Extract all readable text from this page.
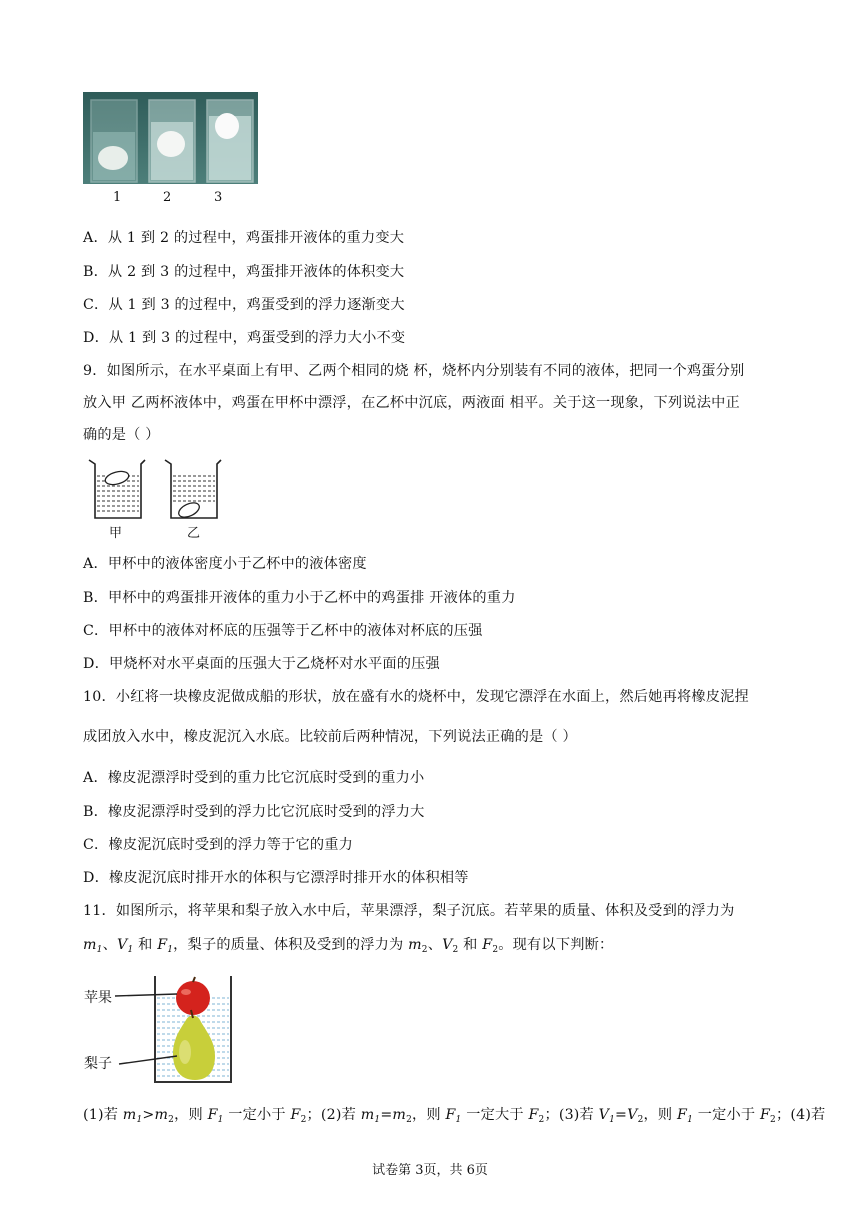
1	2	3
A．从 1 到 2 的过程中，鸡蛋排开液体的重力变大
B．从 2 到 3 的过程中，鸡蛋排开液体的体积变大
C．从 1 到 3 的过程中，鸡蛋受到的浮力逐渐变大
D．从 1 到 3 的过程中，鸡蛋受到的浮力大小不变
9．如图所示，在水平桌面上有甲、乙两个相同的烧 杯，烧杯内分别装有不同的液体，把同一个鸡蛋分别
放入甲 乙两杯液体中，鸡蛋在甲杯中漂浮，在乙杯中沉底，两液面 相平。关于这一现象，下列说法中正
确的是（ ）
甲	乙
A．甲杯中的液体密度小于乙杯中的液体密度
B．甲杯中的鸡蛋排开液体的重力小于乙杯中的鸡蛋排 开液体的重力
C．甲杯中的液体对杯底的压强等于乙杯中的液体对杯底的压强
D．甲烧杯对水平桌面的压强大于乙烧杯对水平面的压强
10．小红将一块橡皮泥做成船的形状，放在盛有水的烧杯中，发现它漂浮在水面上，然后她再将橡皮泥捏
成团放入水中，橡皮泥沉入水底。比较前后两种情况，下列说法正确的是（ ）
A．橡皮泥漂浮时受到的重力比它沉底时受到的重力小
B．橡皮泥漂浮时受到的浮力比它沉底时受到的浮力大
C．橡皮泥沉底时受到的浮力等于它的重力
D．橡皮泥沉底时排开水的体积与它漂浮时排开水的体积相等
11．如图所示，将苹果和梨子放入水中后，苹果漂浮，梨子沉底。若苹果的质量、体积及受到的浮力为
$m_1$、$V_1$ 和 $F_1$，梨子的质量、体积及受到的浮力为 $m_2$、$V_2$ 和 $F_2$。现有以下判断：
苹果
梨子
(1)若 $m_1>m_2$，则 $F_1$ 一定小于 $F_2$；(2)若 $m_1=m_2$，则 $F_1$ 一定大于 $F_2$；(3)若 $V_1=V_2$，则 $F_1$ 一定小于 $F_2$；(4)若
试卷第 3页，共 6页
